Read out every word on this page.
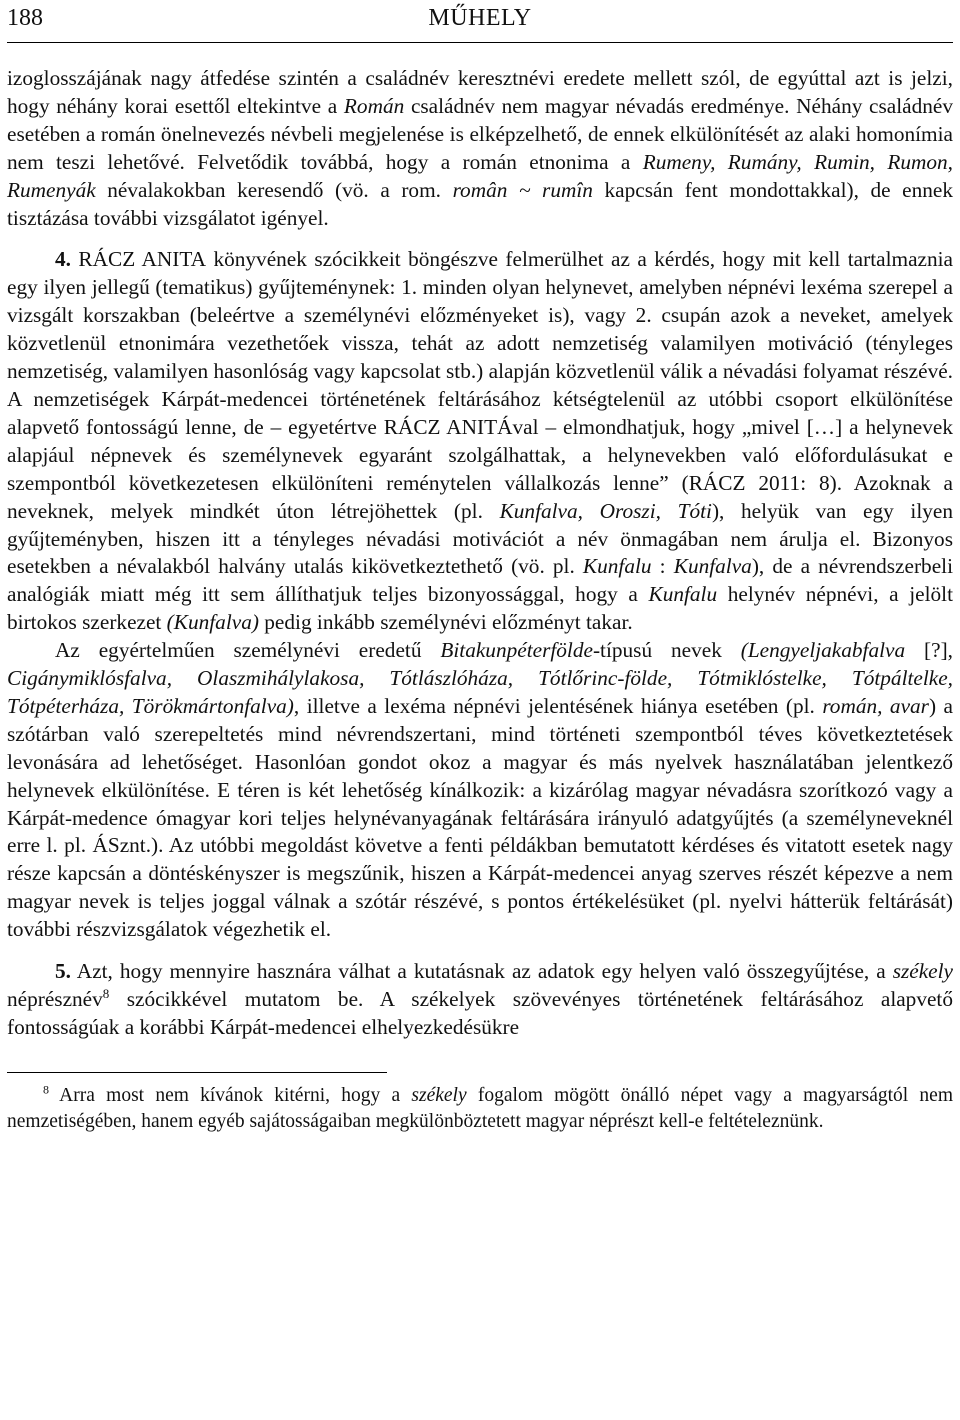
188	MŰHELY

izoglosszájának nagy átfedése szintén a családnév keresztnévi eredete mellett szól, de egyúttal azt is jelzi, hogy néhány korai esettől eltekintve a Román családnév nem magyar névadás eredménye. Néhány családnév esetében a román önelnevezés névbeli megjelenése is elképzelhető, de ennek elkülönítését az alaki homonímia nem teszi lehetővé. Felvetődik továbbá, hogy a román etnonima a Rumeny, Rumány, Rumin, Rumon, Rumenyák névalakokban keresendő (vö. a rom. român ~ rumîn kapcsán fent mondottakkal), de ennek tisztázása további vizsgálatot igényel.

4. RÁCZ ANITA könyvének szócikkeit böngészve felmerülhet az a kérdés, hogy mit kell tartalmaznia egy ilyen jellegű (tematikus) gyűjteménynek: 1. minden olyan helynevet, amelyben népnévi lexéma szerepel a vizsgált korszakban (beleértve a személynévi előzményeket is), vagy 2. csupán azok a neveket, amelyek közvetlenül etnonimára vezethetőek vissza, tehát az adott nemzetiség valamilyen motiváció (tényleges nemzetiség, valamilyen hasonlóság vagy kapcsolat stb.) alapján közvetlenül válik a névadási folyamat részévé. A nemzetiségek Kárpát-medencei történetének feltárásához kétségtelenül az utóbbi csoport elkülönítése alapvető fontosságú lenne, de – egyetértve RÁCZ ANITÁval – elmondhatjuk, hogy „mivel […] a helynevek alapjául népnevek és személynevek egyaránt szolgálhattak, a helynevekben való előfordulásukat e szempontból következetesen elkülöníteni reménytelen vállalkozás lenne” (RÁCZ 2011: 8). Azoknak a neveknek, melyek mindkét úton létrejöhettek (pl. Kunfalva, Oroszi, Tóti), helyük van egy ilyen gyűjteményben, hiszen itt a tényleges névadási motivációt a név önmagában nem árulja el. Bizonyos esetekben a névalakból halvány utalás kikövetkeztethető (vö. pl. Kunfalu : Kunfalva), de a névrendszerbeli analógiák miatt még itt sem állíthatjuk teljes bizonyossággal, hogy a Kunfalu helynév népnévi, a jelölt birtokos szerkezet (Kunfalva) pedig inkább személynévi előzményt takar.

Az egyértelműen személynévi eredetű Bitakunpéterfölde-típusú nevek (Lengyeljakabfalva [?], Cigánymiklósfalva, Olaszmihálylakosa, Tótlászlóháza, Tótlőrinc-földe, Tótmiklóstelke, Tótpáltelke, Tótpéterháza, Törökmártonfalva), illetve a lexéma népnévi jelentésének hiánya esetében (pl. román, avar) a szótárban való szerepeltetés mind névrendszertani, mind történeti szempontból téves következtetések levonására ad lehetőséget. Hasonlóan gondot okoz a magyar és más nyelvek használatában jelentkező helynevek elkülönítése. E téren is két lehetőség kínálkozik: a kizárólag magyar névadásra szorítkozó vagy a Kárpát-medence ómagyar kori teljes helynévanyagának feltárására irányuló adatgyűjtés (a személyneveknél erre l. pl. ÁSznt.). Az utóbbi megoldást követve a fenti példákban bemutatott kérdéses és vitatott esetek nagy része kapcsán a döntéskényszer is megszűnik, hiszen a Kárpát-medencei anyag szerves részét képezve a nem magyar nevek is teljes joggal válnak a szótár részévé, s pontos értékelésüket (pl. nyelvi hátterük feltárását) további részvizsgálatok végezhetik el.

5. Azt, hogy mennyire hasznára válhat a kutatásnak az adatok egy helyen való összegyűjtése, a székely néprésznév$^8$ szócikkével mutatom be. A székelyek szövevényes történetének feltárásához alapvető fontosságúak a korábbi Kárpát-medencei elhelyezkedésükre

$^8$ Arra most nem kívánok kitérni, hogy a székely fogalom mögött önálló népet vagy a magyarságtól nem nemzetiségében, hanem egyéb sajátosságaiban megkülönböztetett magyar néprészt kell-e feltételeznünk.
